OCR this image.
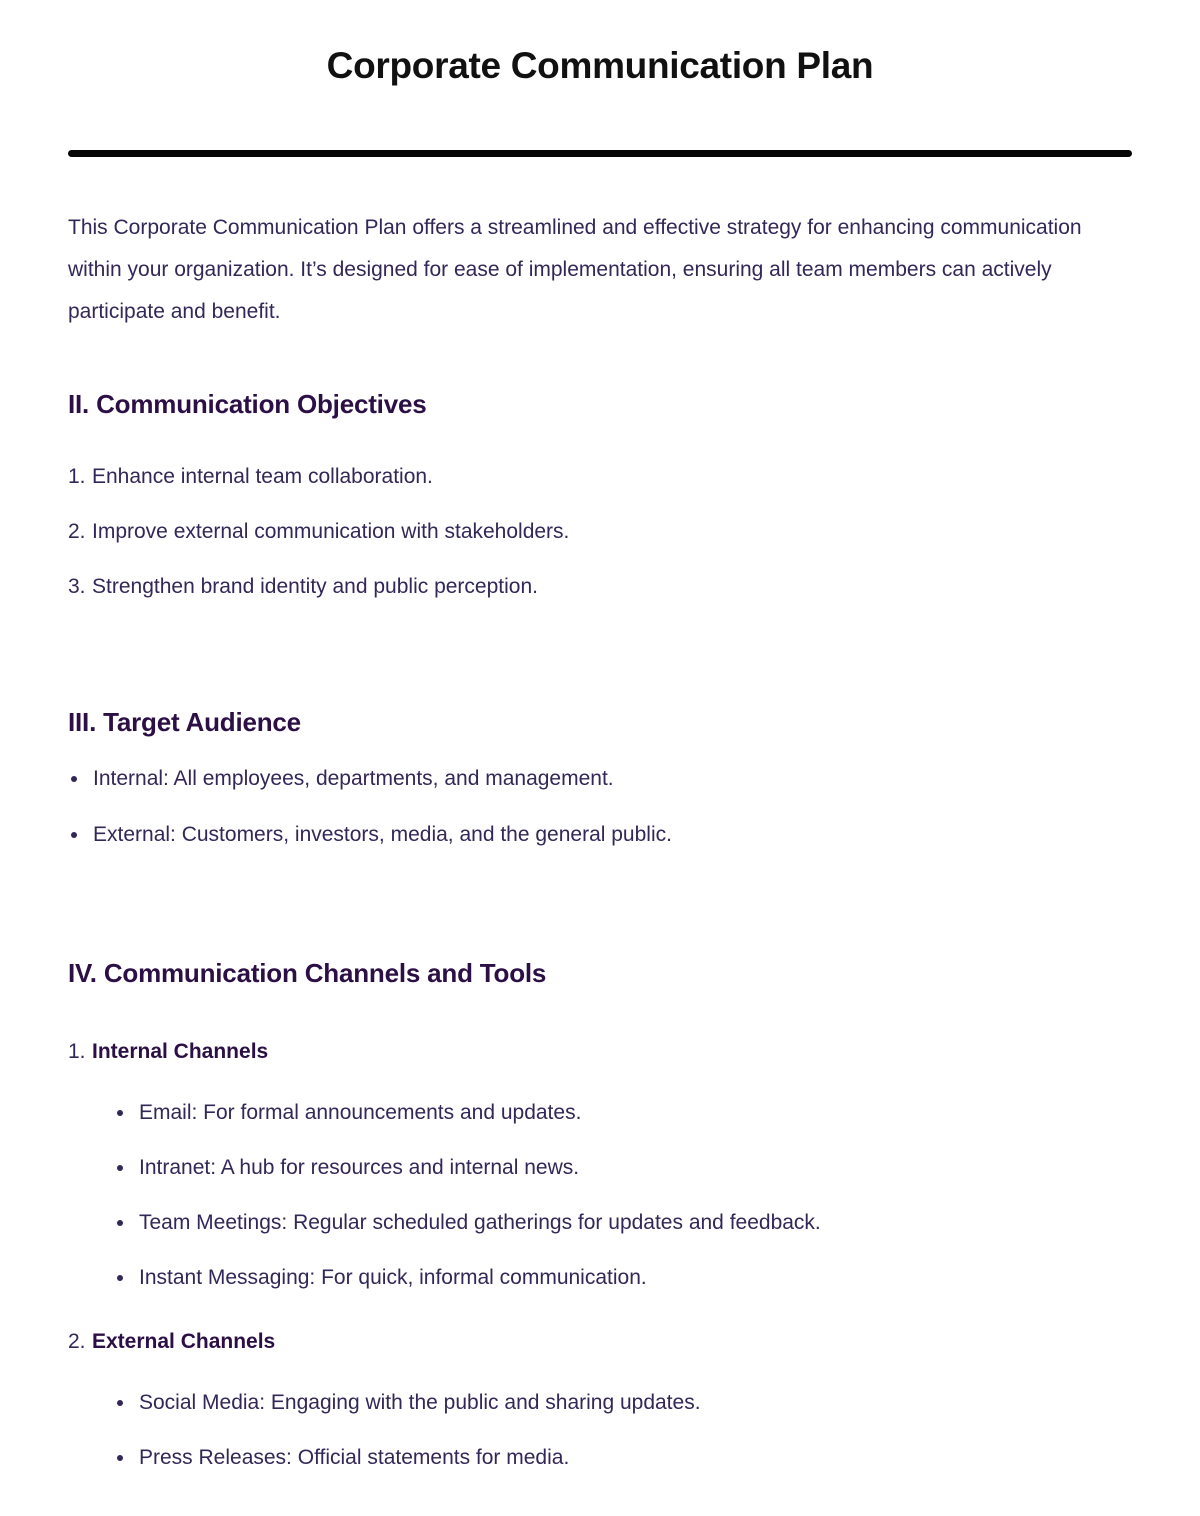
Corporate Communication Plan

This Corporate Communication Plan offers a streamlined and effective strategy for enhancing communication within your organization. It’s designed for ease of implementation, ensuring all team members can actively participate and benefit.

II. Communication Objectives
1. Enhance internal team collaboration.
2. Improve external communication with stakeholders.
3. Strengthen brand identity and public perception.
III. Target Audience
Internal: All employees, departments, and management.
External: Customers, investors, media, and the general public.
IV. Communication Channels and Tools
1. Internal Channels
Email: For formal announcements and updates.
Intranet: A hub for resources and internal news.
Team Meetings: Regular scheduled gatherings for updates and feedback.
Instant Messaging: For quick, informal communication.
2. External Channels
Social Media: Engaging with the public and sharing updates.
Press Releases: Official statements for media.
